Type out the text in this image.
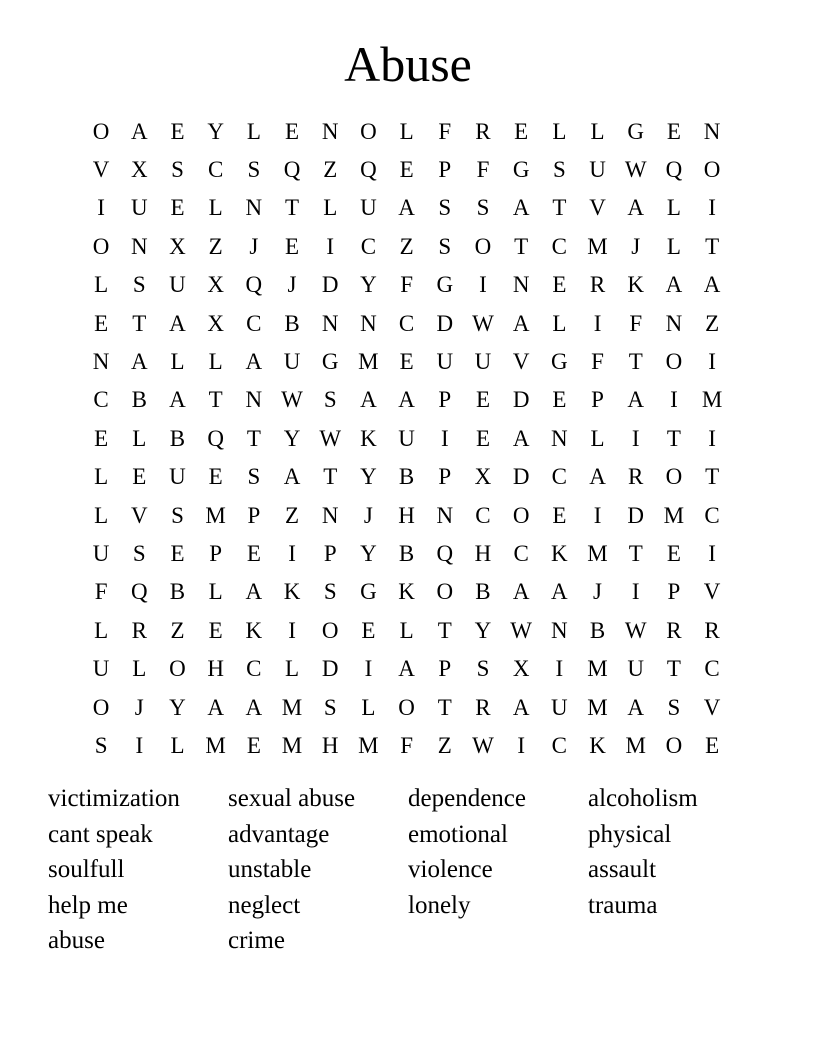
Abuse
O A E Y L	E N O L	F	R	E	L	L G E N
V X	S	C	S	Q Z Q E	P	F	G	S	U W Q O
I	U E	L N T	L U A	S	S	A T V A L	I
O N X Z	J	E	I	C	Z	S	O T	C M	J	L	T
L	S	U X Q	J	D Y	F	G	I	N E	R K A A
E	T A X C B N N C D W A L	I	F	N Z
N A L	L A U G M E U U V G	F	T O	I
C B A T N W S	A A	P	E D E	P	A	I	M
E	L	B Q T Y W K U	I	E A N L	I	T	I
L	E U E	S	A T Y B	P	X D C A R O T
L V	S M P	Z N	J	H N C O E	I	D M C
U	S	E	P	E	I	P	Y B Q H C K M T	E	I
F	Q B	L A K	S	G K O B A A	J	I	P	V
L	R	Z	E K	I	O E	L	T Y W N B W R R
U L O H C	L D	I	A	P	S	X	I	M U T	C
O	J	Y A A M S	L O T	R A U M A	S	V
S	I	L M E M H M F	Z W	I	C K M O E
victimization	sexual abuse	dependence	alcoholism
cant speak	advantage	emotional	physical
soulfull	unstable	violence	assault
help me	neglect	lonely	trauma
abuse	crime
